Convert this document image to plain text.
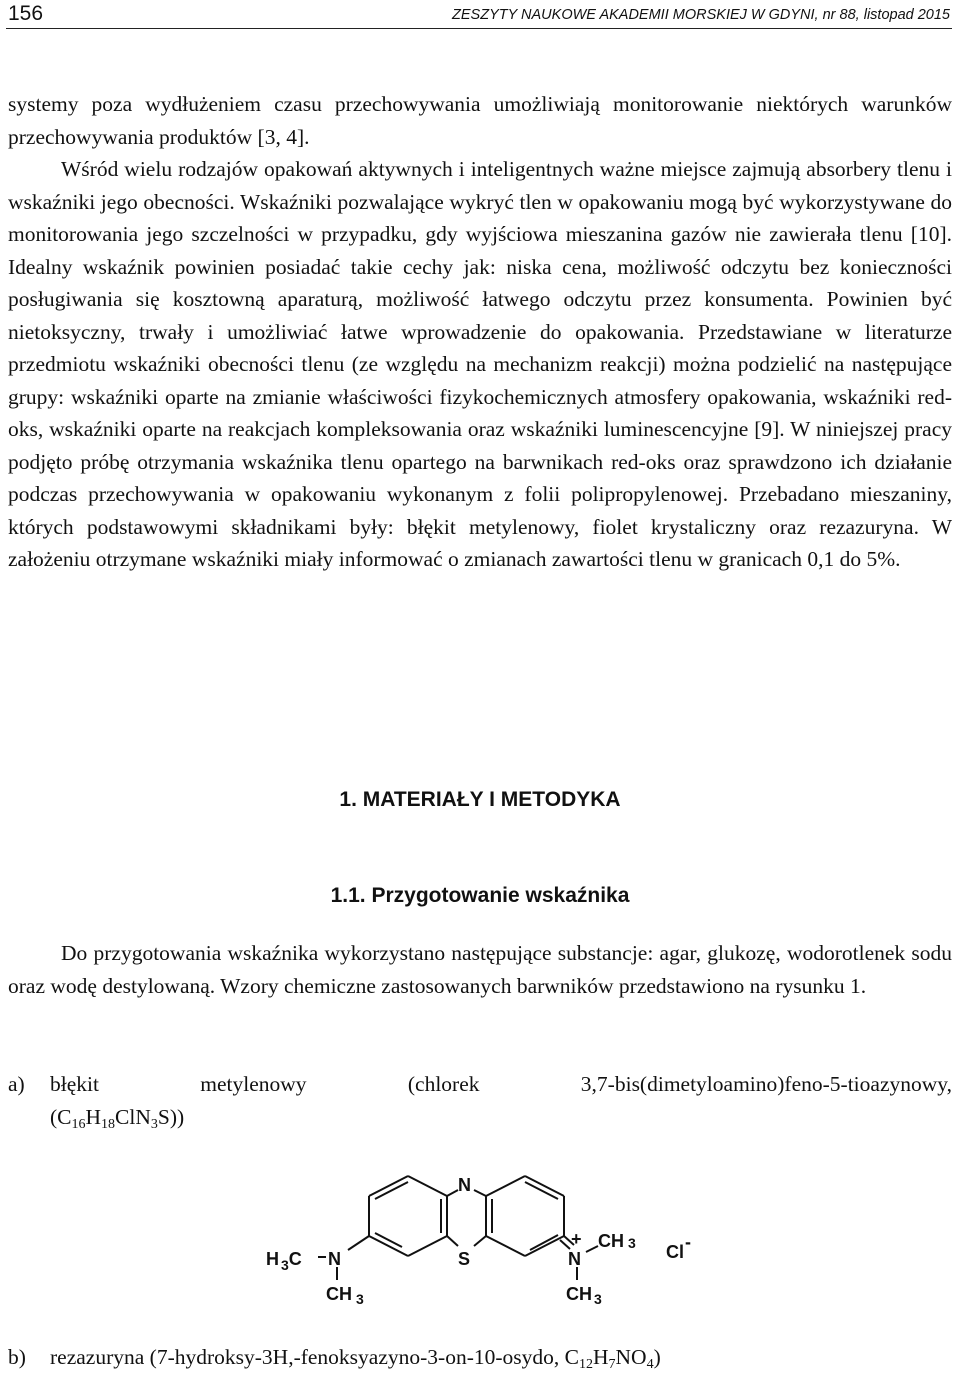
156	ZESZYTY NAUKOWE AKADEMII MORSKIEJ W GDYNI, nr 88, listopad 2015
systemy poza wydłużeniem czasu przechowywania umożliwiają monitorowanie niektórych warunków przechowywania produktów [3, 4].
Wśród wielu rodzajów opakowań aktywnych i inteligentnych ważne miejsce zajmują absorbery tlenu i wskaźniki jego obecności. Wskaźniki pozwalające wykryć tlen w opakowaniu mogą być wykorzystywane do monitorowania jego szczelności w przypadku, gdy wyjściowa mieszanina gazów nie zawierała tlenu [10]. Idealny wskaźnik powinien posiadać takie cechy jak: niska cena, możliwość odczytu bez konieczności posługiwania się kosztowną aparaturą, możliwość łatwego odczytu przez konsumenta. Powinien być nietoksyczny, trwały i umożliwiać łatwe wprowadzenie do opakowania. Przedstawiane w literaturze przedmiotu wskaźniki obecności tlenu (ze względu na mechanizm reakcji) można podzielić na następujące grupy: wskaźniki oparte na zmianie właściwości fizykochemicznych atmosfery opakowania, wskaźniki red-oks, wskaźniki oparte na reakcjach kompleksowania oraz wskaźniki luminescencyjne [9]. W niniejszej pracy podjęto próbę otrzymania wskaźnika tlenu opartego na barwnikach red-oks oraz sprawdzono ich działanie podczas przechowywania w opakowaniu wykonanym z folii polipropylenowej. Przebadano mieszaniny, których podstawowymi składnikami były: błękit metylenowy, fiolet krystaliczny oraz rezazuryna. W założeniu otrzymane wskaźniki miały informować o zmianach zawartości tlenu w granicach 0,1 do 5%.
1. MATERIAŁY I METODYKA
1.1. Przygotowanie wskaźnika

Do przygotowania wskaźnika wykorzystano następujące substancje: agar, glukozę, wodorotlenek sodu oraz wodę destylowaną. Wzory chemiczne zastosowanych barwników przedstawiono na rysunku 1.

a)	błękit metylenowy (chlorek 3,7-bis(dimetyloamino)feno-5-tioazynowy,
$(C_{16}H_{18}ClN_3S)$)
N
H $_3$C N	S
+
N
CH 3
CH $_3$	CH $_3$
Cl-
b)	rezazuryna (7-hydroksy-3H,-fenoksyazyno-3-on-10-osydo, $C_{12}H_7NO_4$)
